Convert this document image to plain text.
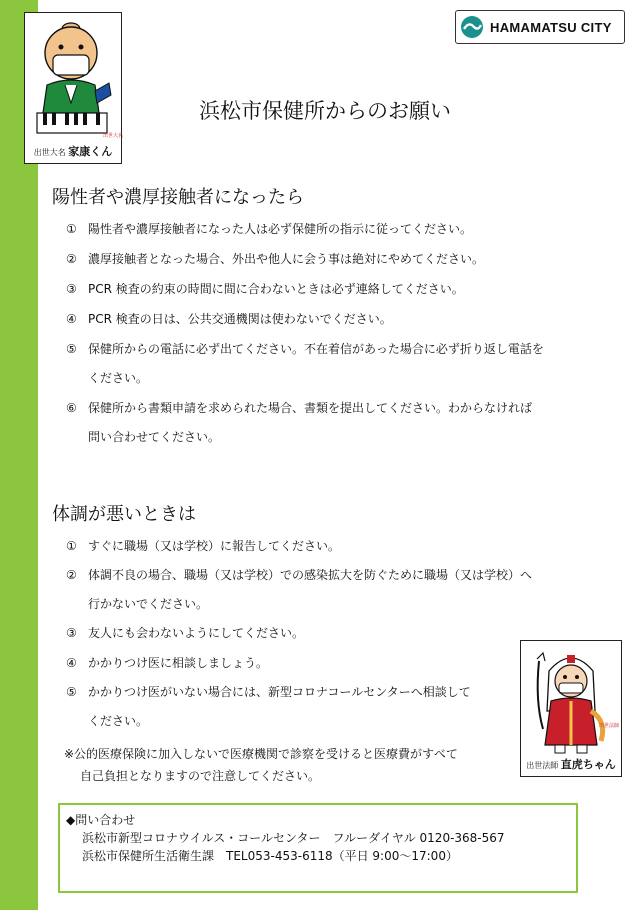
出世大名
出世大名 家康くん
HAMAMATSU CITY
浜松市保健所からのお願い
陽性者や濃厚接触者になったら
① 陽性者や濃厚接触者になった人は必ず保健所の指示に従ってください。
② 濃厚接触者となった場合、外出や他人に会う事は絶対にやめてください。
③ PCR 検査の約束の時間に間に合わないときは必ず連絡してください。
④ PCR 検査の日は、公共交通機関は使わないでください。
⑤ 保健所からの電話に必ず出てください。不在着信があった場合に必ず折り返し電話を
ください。
⑥ 保健所から書類申請を求められた場合、書類を提出してください。わからなければ
問い合わせてください。
体調が悪いときは
① すぐに職場（又は学校）に報告してください。
② 体調不良の場合、職場（又は学校）での感染拡大を防ぐために職場（又は学校）へ
行かないでください。
③ 友人にも会わないようにしてください。
④ かかりつけ医に相談しましょう。
⑤ かかりつけ医がいない場合には、新型コロナコールセンターへ相談して
ください。
※公的医療保険に加入しないで医療機関で診察を受けると医療費がすべて
自己負担となりますので注意してください。
出世法師
出世法師 直虎ちゃん
◆問い合わせ
浜松市新型コロナウイルス・コールセンター　フルーダイヤル 0120-368-567
浜松市保健所生活衛生課　TEL053-453-6118（平日 9:00～17:00）
